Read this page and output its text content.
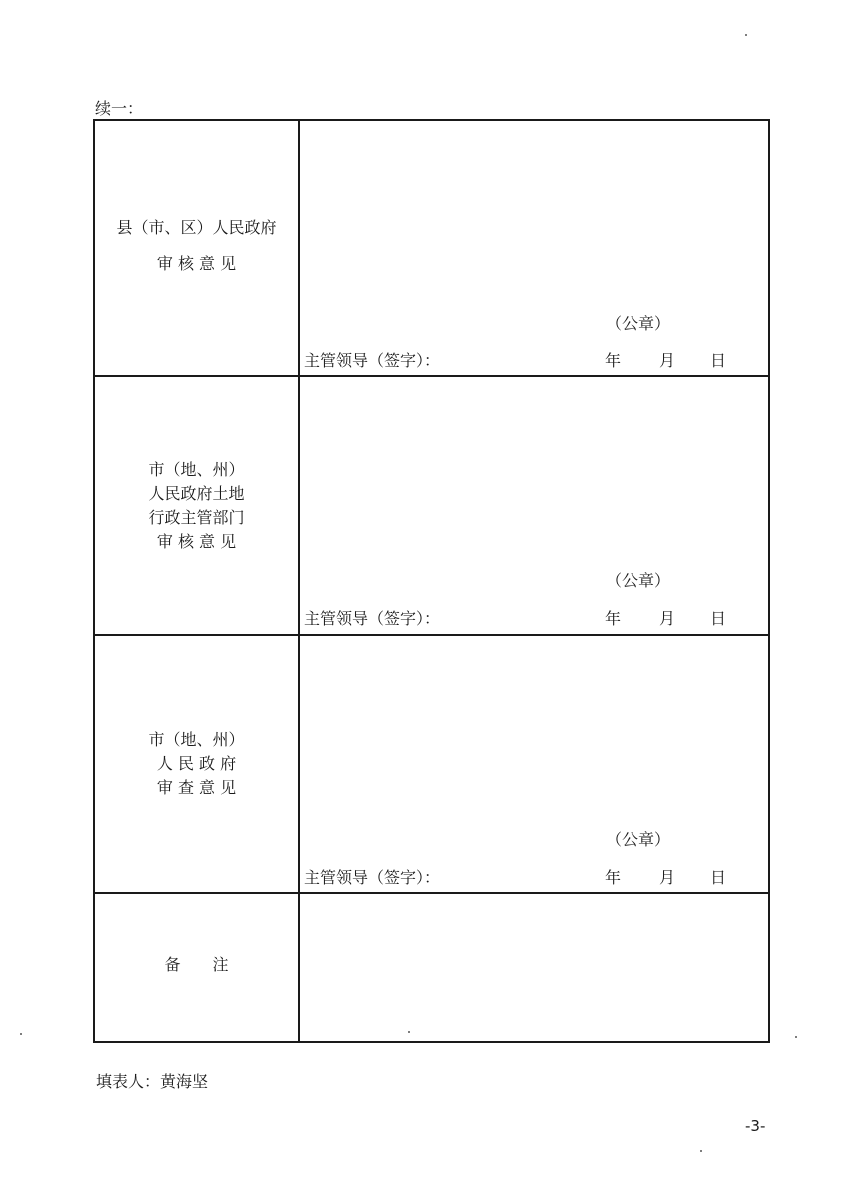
续一：
县（市、区）人民政府
审 核 意 见	（公章）
主管领导（签字）： 年 月 日

市（地、州）
人民政府土地
行政主管部门
审 核 意 见	（公章）
主管领导（签字）： 年 月 日

市（地、州）
人 民 政 府
审 查 意 见	（公章）
主管领导（签字）： 年 月 日

备　　注	

填表人：黄海坚
-3-
